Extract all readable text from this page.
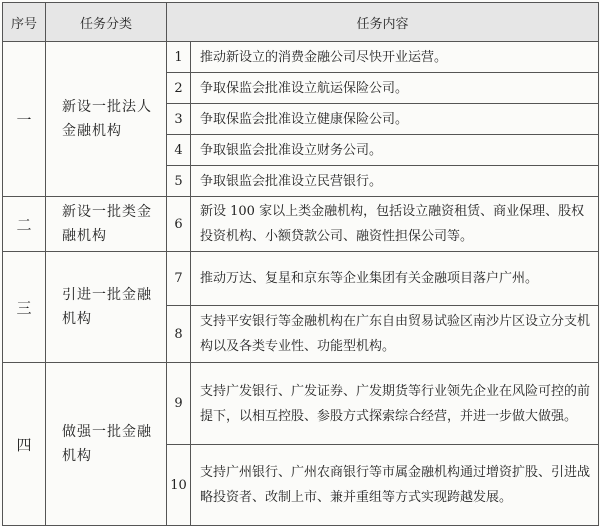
序号	任务分类	任务内容	
一	新设一批法人金融机构	1	推动新设立的消费金融公司尽快开业运营。
		2	争取保监会批准设立航运保险公司。
		3	争取保监会批准设立健康保险公司。
		4	争取银监会批准设立财务公司。
		5	争取银监会批准设立民营银行。
二	新设一批类金融机构	6	新设 100 家以上类金融机构，包括设立融资租赁、商业保理、股权投资机构、小额贷款公司、融资性担保公司等。
三	引进一批金融机构	7	推动万达、复星和京东等企业集团有关金融项目落户广州。
		8	支持平安银行等金融机构在广东自由贸易试验区南沙片区设立分支机构以及各类专业性、功能型机构。
四	做强一批金融机构	9	支持广发银行、广发证券、广发期货等行业领先企业在风险可控的前提下，以相互控股、参股方式探索综合经营，并进一步做大做强。
		10	支持广州银行、广州农商银行等市属金融机构通过增资扩股、引进战略投资者、改制上市、兼并重组等方式实现跨越发展。
